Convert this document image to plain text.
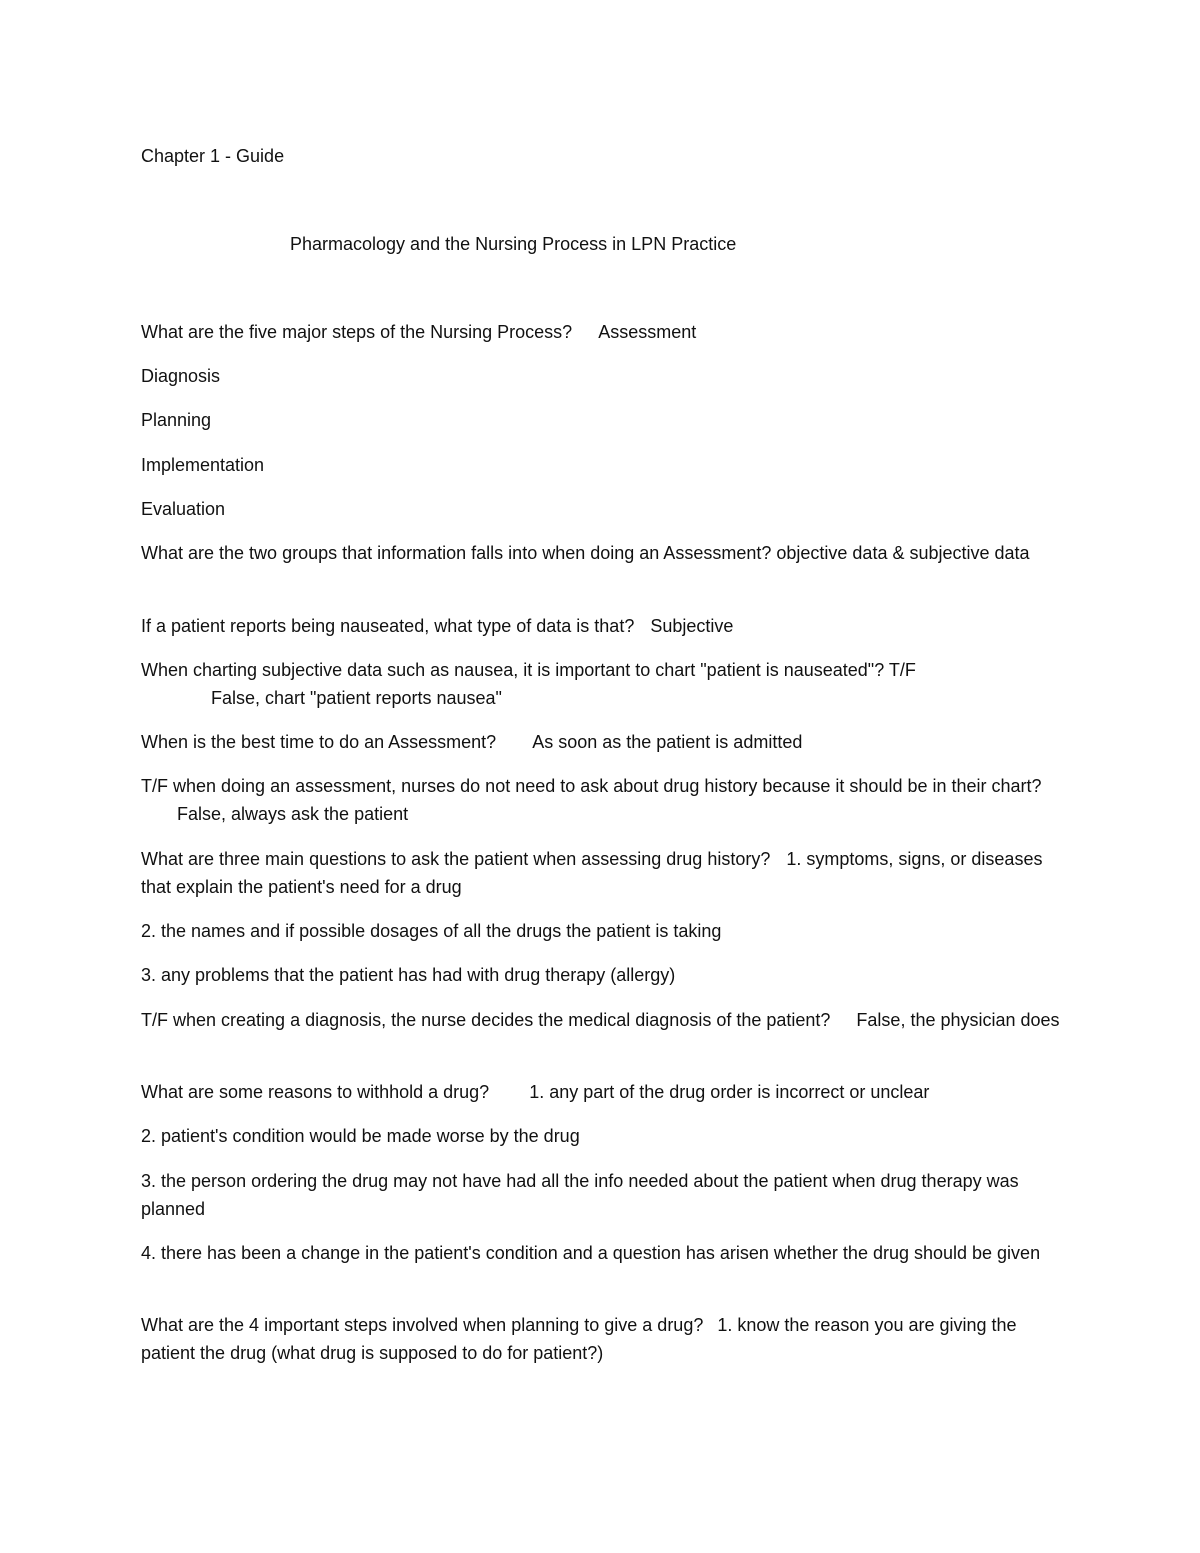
Chapter 1 - Guide

Pharmacology and the Nursing Process in LPN Practice

What are the five major steps of the Nursing Process? Assessment

Diagnosis

Planning

Implementation

Evaluation

What are the two groups that information falls into when doing an Assessment? objective data & subjective data

If a patient reports being nauseated, what type of data is that? Subjective

When charting subjective data such as nausea, it is important to chart "patient is nauseated"? T/F
False, chart "patient reports nausea"

When is the best time to do an Assessment? As soon as the patient is admitted

T/F when doing an assessment, nurses do not need to ask about drug history because it should be in their chart?False, always ask the patient

What are three main questions to ask the patient when assessing drug history? 1. symptoms, signs, or diseases that explain the patient's need for a drug

2. the names and if possible dosages of all the drugs the patient is taking

3. any problems that the patient has had with drug therapy (allergy)

T/F when creating a diagnosis, the nurse decides the medical diagnosis of the patient? False, the physician does

What are some reasons to withhold a drug? 1. any part of the drug order is incorrect or unclear

2. patient's condition would be made worse by the drug

3. the person ordering the drug may not have had all the info needed about the patient when drug therapy was planned

4. there has been a change in the patient's condition and a question has arisen whether the drug should be given

What are the 4 important steps involved when planning to give a drug? 1. know the reason you are giving the patient the drug (what drug is supposed to do for patient?)
